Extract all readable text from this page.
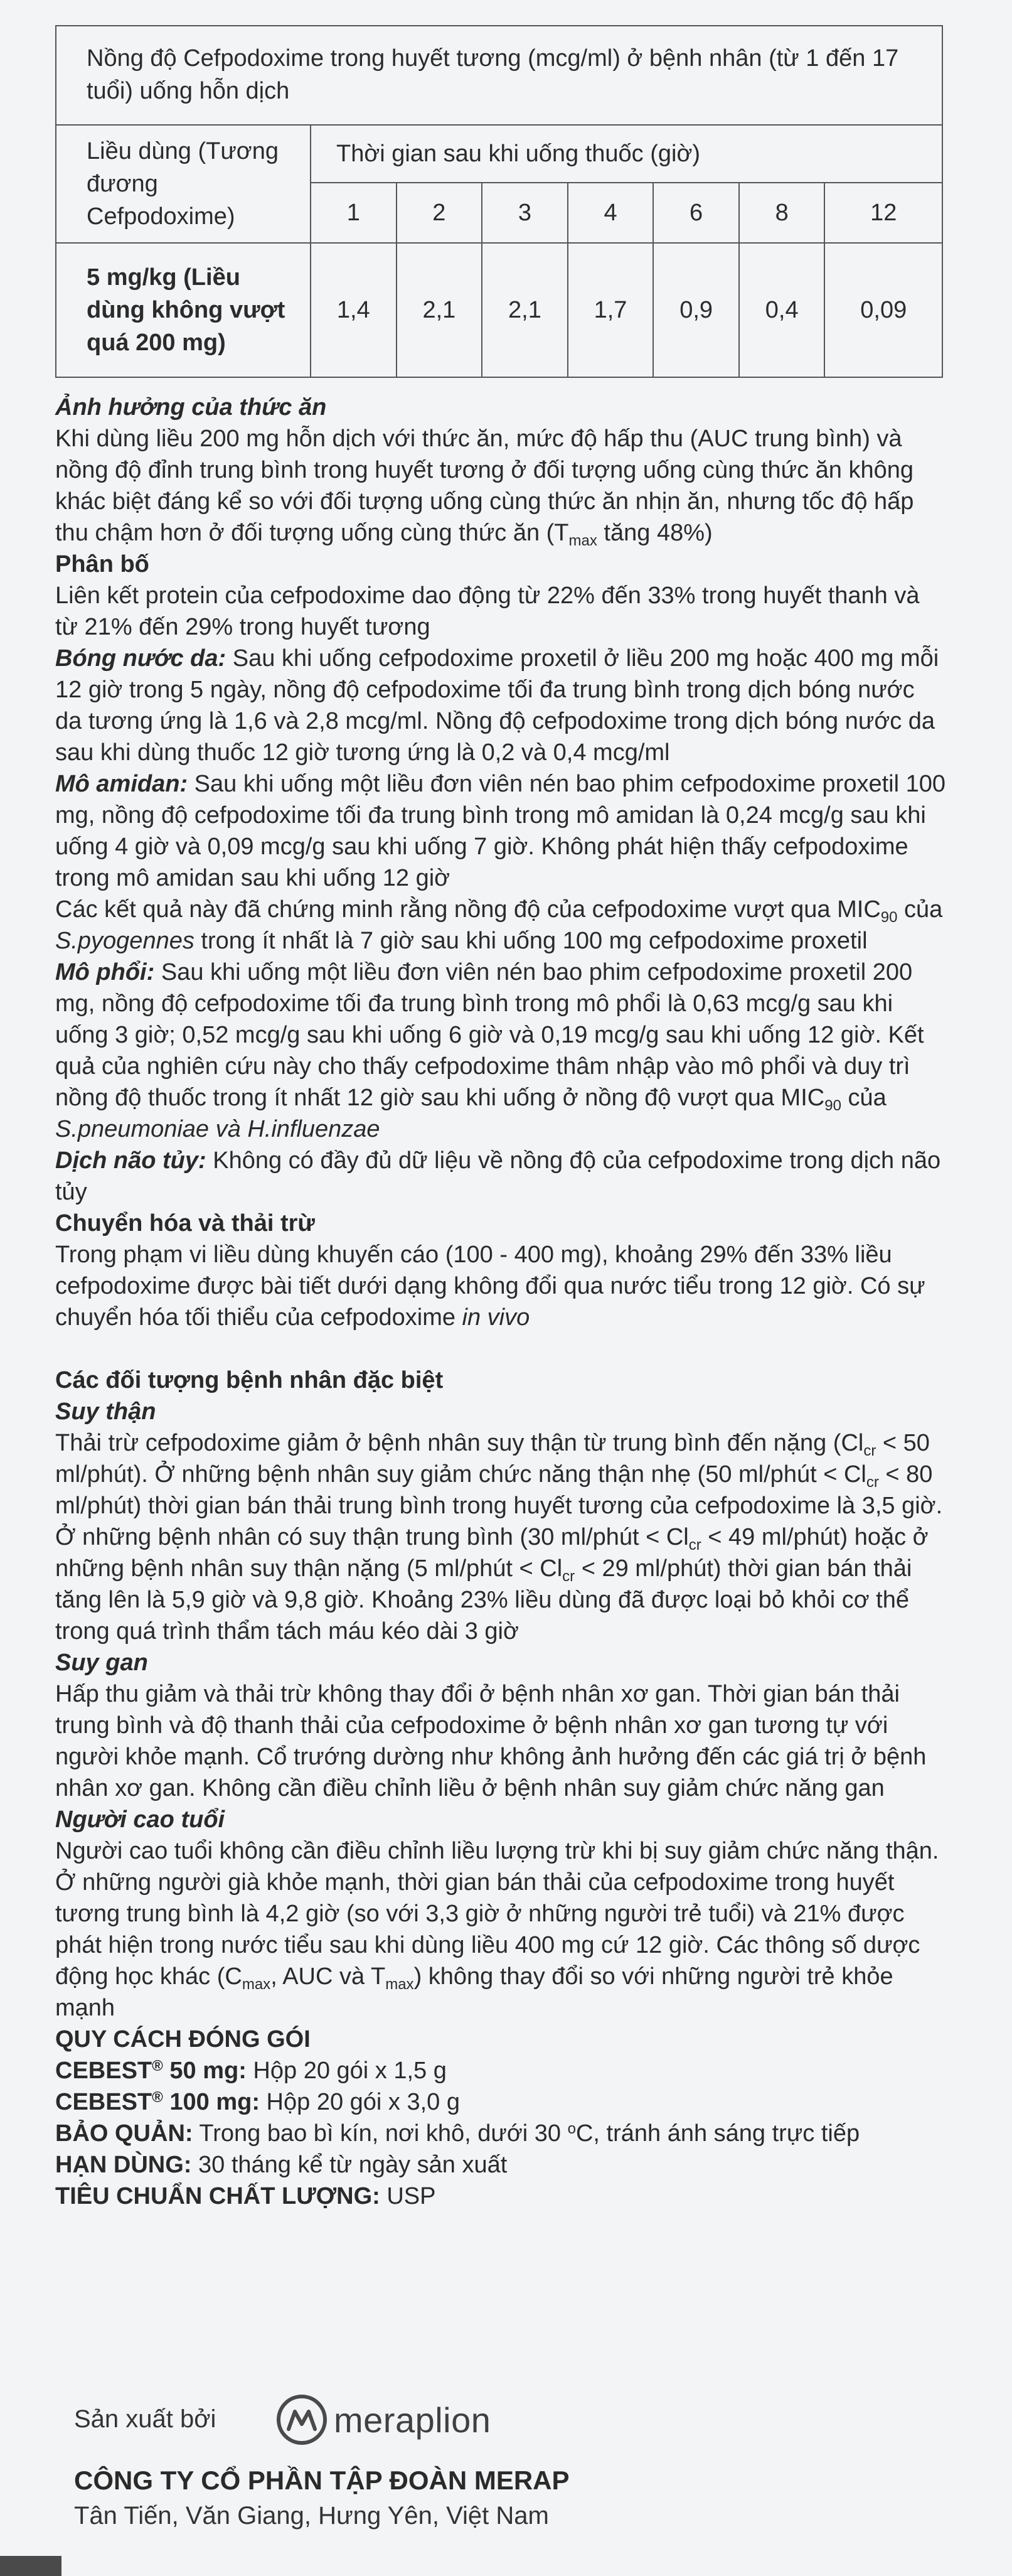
Nồng độ Cefpodoxime trong huyết tương (mcg/ml) ở bệnh nhân (từ 1 đến 17 tuổi) uống hỗn dịch							
Liều dùng (Tương đương Cefpodoxime)	Thời gian sau khi uống thuốc (giờ)						
	1	2	3	4	6	8	12
5 mg/kg (Liều dùng không vượt quá 200 mg)	1,4	2,1	2,1	1,7	0,9	0,4	0,09

Ảnh hưởng của thức ăn

Khi dùng liều 200 mg hỗn dịch với thức ăn, mức độ hấp thu (AUC trung bình) và nồng độ đỉnh trung bình trong huyết tương ở đối tượng uống cùng thức ăn không khác biệt đáng kể so với đối tượng uống cùng thức ăn nhịn ăn, nhưng tốc độ hấp thu chậm hơn ở đối tượng uống cùng thức ăn ($T_{max}$ tăng 48%)

Phân bố

Liên kết protein của cefpodoxime dao động từ 22% đến 33% trong huyết thanh và từ 21% đến 29% trong huyết tương

Bóng nước da: Sau khi uống cefpodoxime proxetil ở liều 200 mg hoặc 400 mg mỗi 12 giờ trong 5 ngày, nồng độ cefpodoxime tối đa trung bình trong dịch bóng nước da tương ứng là 1,6 và 2,8 mcg/ml. Nồng độ cefpodoxime trong dịch bóng nước da sau khi dùng thuốc 12 giờ tương ứng là 0,2 và 0,4 mcg/ml

Mô amidan: Sau khi uống một liều đơn viên nén bao phim cefpodoxime proxetil 100 mg, nồng độ cefpodoxime tối đa trung bình trong mô amidan là 0,24 mcg/g sau khi uống 4 giờ và 0,09 mcg/g sau khi uống 7 giờ. Không phát hiện thấy cefpodoxime trong mô amidan sau khi uống 12 giờ

Các kết quả này đã chứng minh rằng nồng độ của cefpodoxime vượt qua $MIC_{90}$ của S.pyogennes trong ít nhất là 7 giờ sau khi uống 100 mg cefpodoxime proxetil

Mô phổi: Sau khi uống một liều đơn viên nén bao phim cefpodoxime proxetil 200 mg, nồng độ cefpodoxime tối đa trung bình trong mô phổi là 0,63 mcg/g sau khi uống 3 giờ; 0,52 mcg/g sau khi uống 6 giờ và 0,19 mcg/g sau khi uống 12 giờ. Kết quả của nghiên cứu này cho thấy cefpodoxime thâm nhập vào mô phổi và duy trì nồng độ thuốc trong ít nhất 12 giờ sau khi uống ở nồng độ vượt qua $MIC_{90}$ của

S.pneumoniae và H.influenzae

Dịch não tủy: Không có đầy đủ dữ liệu về nồng độ của cefpodoxime trong dịch não tủy

Chuyển hóa và thải trừ

Trong phạm vi liều dùng khuyến cáo (100 - 400 mg), khoảng 29% đến 33% liều cefpodoxime được bài tiết dưới dạng không đổi qua nước tiểu trong 12 giờ. Có sự chuyển hóa tối thiểu của cefpodoxime in vivo

Các đối tượng bệnh nhân đặc biệt

Suy thận

Thải trừ cefpodoxime giảm ở bệnh nhân suy thận từ trung bình đến nặng ($Cl_{cr} < 50$ ml/phút). Ở những bệnh nhân suy giảm chức năng thận nhẹ (50 ml/phút < $Cl_{cr} < 80$ ml/phút) thời gian bán thải trung bình trong huyết tương của cefpodoxime là 3,5 giờ. Ở những bệnh nhân có suy thận trung bình (30 ml/phút < $Cl_{cr} < 49$ ml/phút) hoặc ở những bệnh nhân suy thận nặng (5 ml/phút < $Cl_{cr} < 29$ ml/phút) thời gian bán thải tăng lên là 5,9 giờ và 9,8 giờ. Khoảng 23% liều dùng đã được loại bỏ khỏi cơ thể trong quá trình thẩm tách máu kéo dài 3 giờ

Suy gan

Hấp thu giảm và thải trừ không thay đổi ở bệnh nhân xơ gan. Thời gian bán thải trung bình và độ thanh thải của cefpodoxime ở bệnh nhân xơ gan tương tự với người khỏe mạnh. Cổ trướng dường như không ảnh hưởng đến các giá trị ở bệnh nhân xơ gan. Không cần điều chỉnh liều ở bệnh nhân suy giảm chức năng gan

Người cao tuổi

Người cao tuổi không cần điều chỉnh liều lượng trừ khi bị suy giảm chức năng thận. Ở những người già khỏe mạnh, thời gian bán thải của cefpodoxime trong huyết tương trung bình là 4,2 giờ (so với 3,3 giờ ở những người trẻ tuổi) và 21% được phát hiện trong nước tiểu sau khi dùng liều 400 mg cứ 12 giờ. Các thông số dược động học khác ($C_{max}$, AUC và $T_{max}$) không thay đổi so với những người trẻ khỏe mạnh

QUY CÁCH ĐÓNG GÓI

CEBEST® 50 mg: Hộp 20 gói x 1,5 g

CEBEST® 100 mg: Hộp 20 gói x 3,0 g

BẢO QUẢN: Trong bao bì kín, nơi khô, dưới 30 $^o$C, tránh ánh sáng trực tiếp

HẠN DÙNG: 30 tháng kể từ ngày sản xuất

TIÊU CHUẨN CHẤT LƯỢNG: USP

Sản xuất bởi	meraplion
CÔNG TY CỔ PHẦN TẬP ĐOÀN MERAP
Tân Tiến, Văn Giang, Hưng Yên, Việt Nam
